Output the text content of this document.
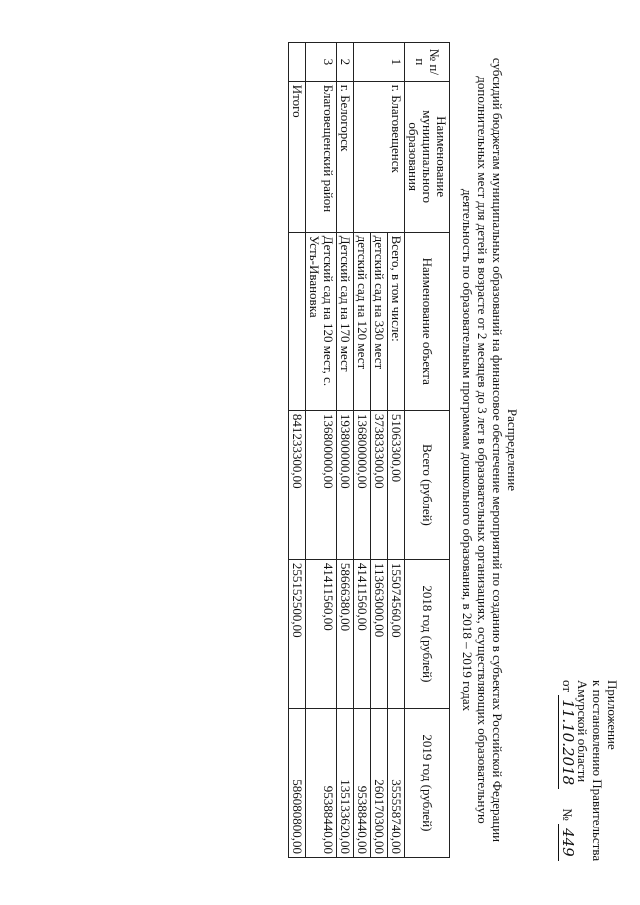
Приложение
к постановлению Правительства
Амурской области
от 11.10.2018 № 449
Распределение
субсидий бюджетам муниципальных образований на финансовое обеспечение мероприятий по созданию в субъектах Российской Федерации дополнительных мест для детей в возрасте от 2 месяцев до 3 лет в образовательных организациях, осуществляющих образовательную деятельность по образовательным программам дошкольного образования, в 2018 – 2019 годах
№ п/п	Наименование муниципального образования	Наименование объекта	Всего (рублей)	2018 год (рублей)	2019 год (рублей)
1	г. Благовещенск	Всего, в том числе:	51063300,00	155074560,00	355558740,00
		детский сад на 330 мест	373833300,00	113663000,00	260170300,00
		детский сад на 120 мест	136800000,00	41411560,00	95388440,00
2	г. Белогорск	Детский сад на 170 мест	193800000,00	58666380,00	135133620,00
3	Благовещенский район	Детский сад на 120 мест, с. Усть-Ивановка	136800000,00	41411560,00	95388440,00
	Итого		841233300,00	255152500,00	586080800,00
